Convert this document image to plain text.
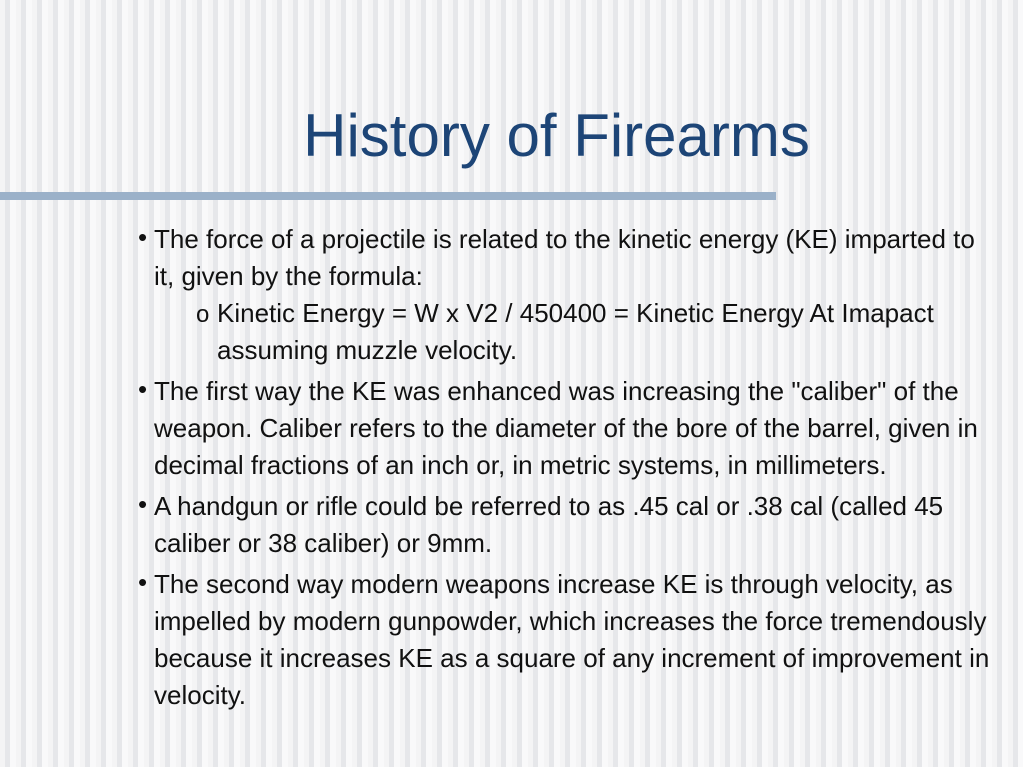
History of Firearms
• The force of a projectile is related to the kinetic energy (KE) imparted to it, given by the formula:
o Kinetic Energy = W x V2 / 450400 = Kinetic Energy At Imapact assuming muzzle velocity.
• The first way the KE was enhanced was increasing the "caliber" of the weapon. Caliber refers to the diameter of the bore of the barrel, given in decimal fractions of an inch or, in metric systems, in millimeters.
• A handgun or rifle could be referred to as .45 cal or .38 cal (called 45 caliber or 38 caliber) or 9mm.
• The second way modern weapons increase KE is through velocity, as impelled by modern gunpowder, which increases the force tremendously because it increases KE as a square of any increment of improvement in velocity.
